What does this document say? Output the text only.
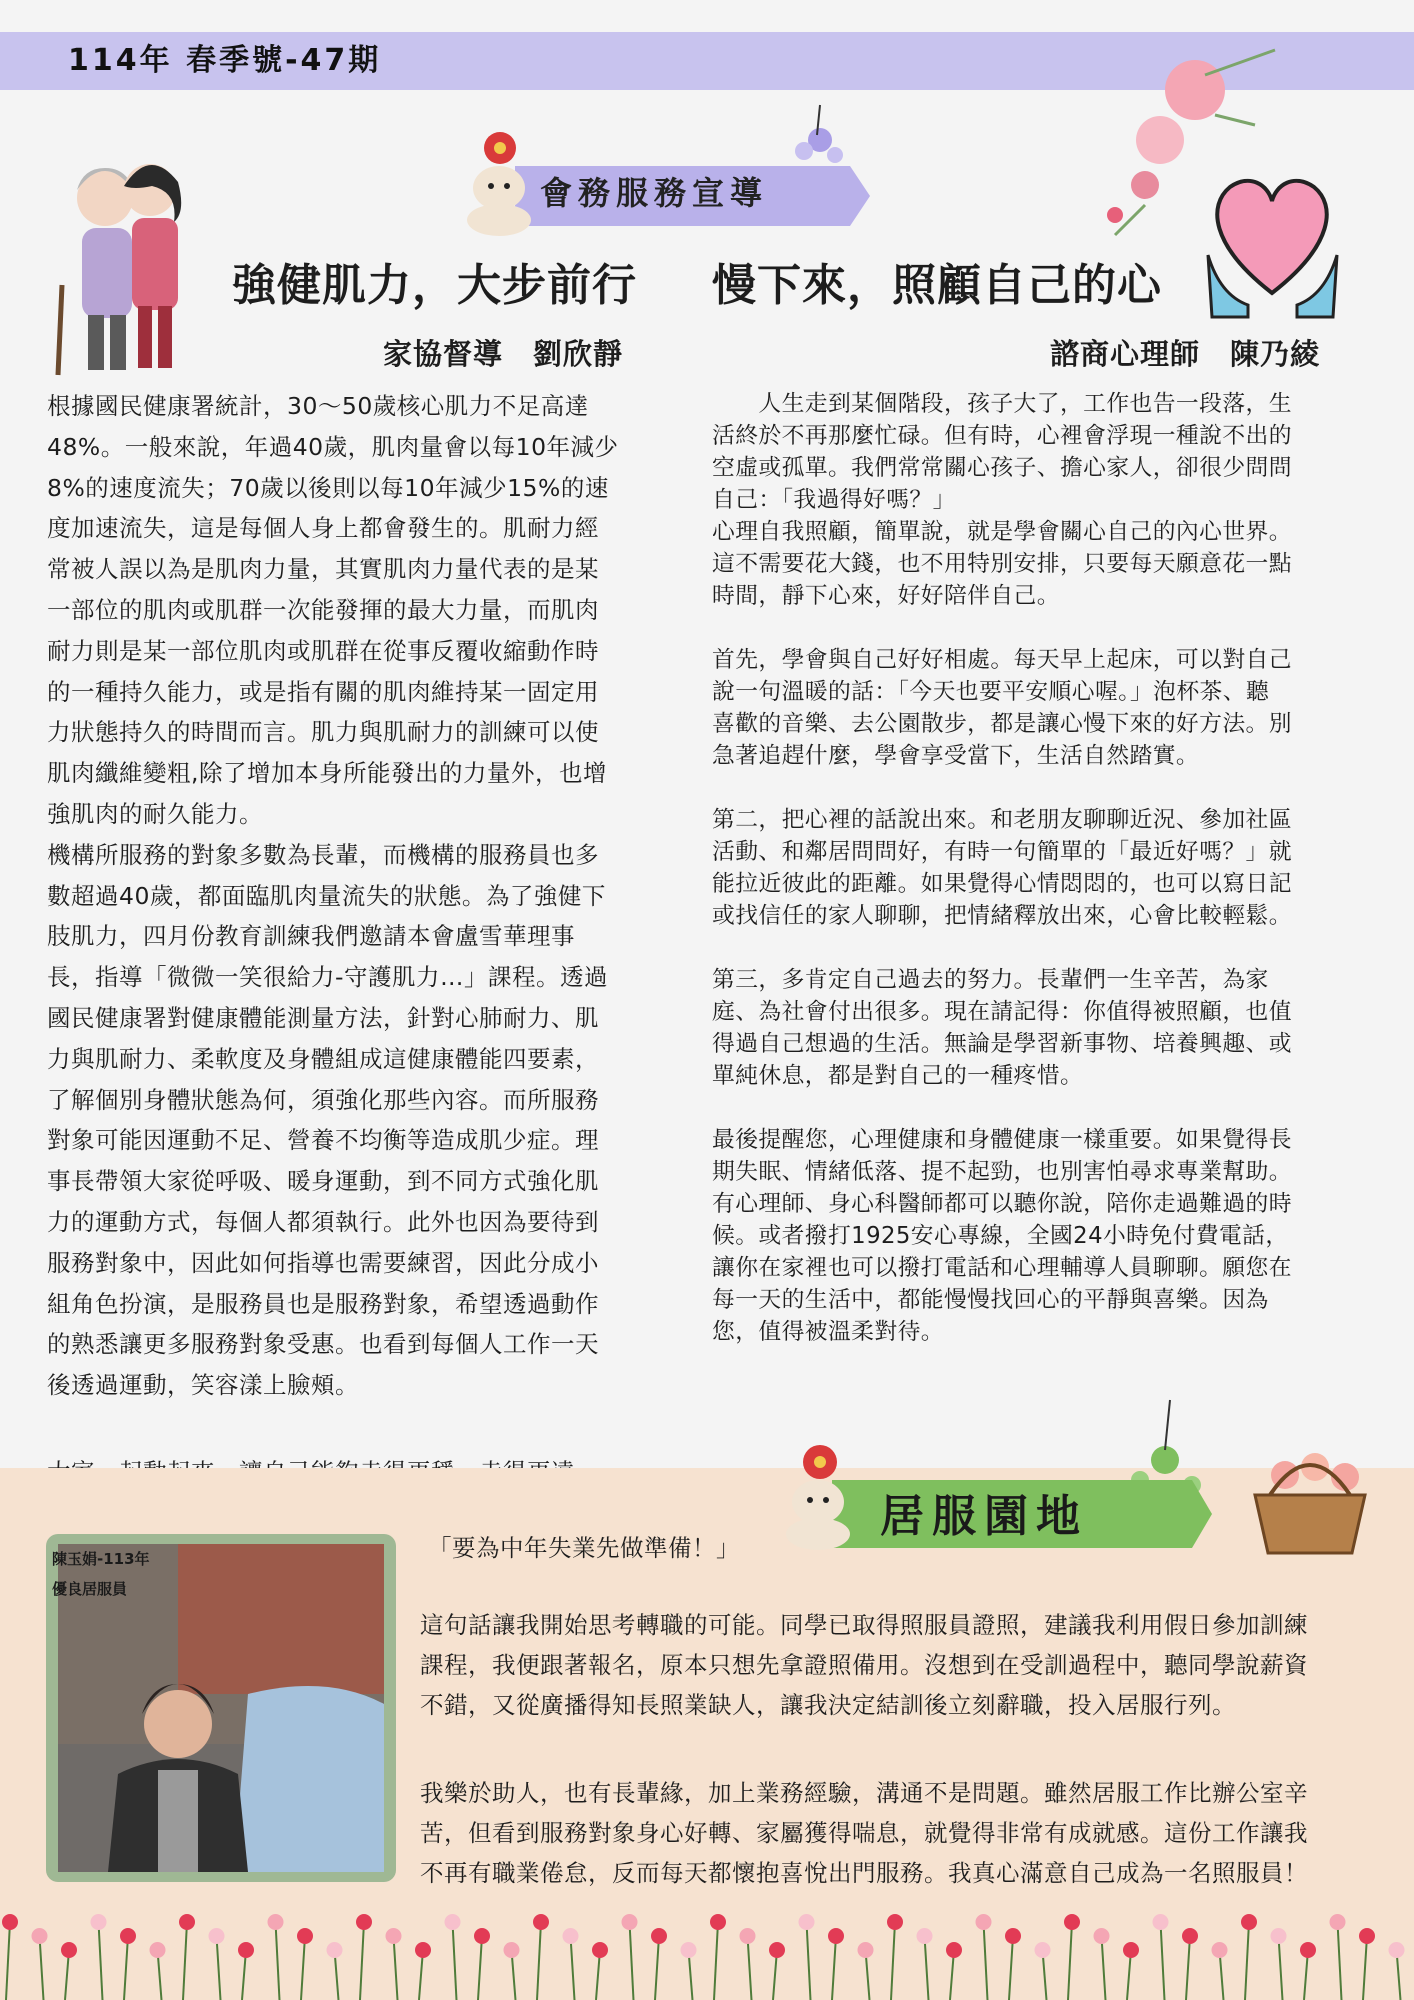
114年 春季號-47期
會務服務宣導
強健肌力，大步前行
家協督導　劉欣靜
根據國民健康署統計，30～50歲核心肌力不足高達
48%。一般來說，年過40歲，肌肉量會以每10年減少
8%的速度流失；70歲以後則以每10年減少15%的速
度加速流失，這是每個人身上都會發生的。肌耐力經
常被人誤以為是肌肉力量，其實肌肉力量代表的是某
一部位的肌肉或肌群一次能發揮的最大力量，而肌肉
耐力則是某一部位肌肉或肌群在從事反覆收縮動作時
的一種持久能力，或是指有關的肌肉維持某一固定用
力狀態持久的時間而言。肌力與肌耐力的訓練可以使
肌肉纖維變粗,除了增加本身所能發出的力量外，也增
強肌肉的耐久能力。
機構所服務的對象多數為長輩，而機構的服務員也多
數超過40歲，都面臨肌肉量流失的狀態。為了強健下
肢肌力，四月份教育訓練我們邀請本會盧雪華理事
長，指導「微微一笑很給力-守護肌力…」課程。透過
國民健康署對健康體能測量方法，針對心肺耐力、肌
力與肌耐力、柔軟度及身體組成這健康體能四要素，
了解個別身體狀態為何，須強化那些內容。而所服務
對象可能因運動不足、營養不均衡等造成肌少症。理
事長帶領大家從呼吸、暖身運動，到不同方式強化肌
力的運動方式，每個人都須執行。此外也因為要待到
服務對象中，因此如何指導也需要練習，因此分成小
組角色扮演，是服務員也是服務對象，希望透過動作
的熟悉讓更多服務對象受惠。也看到每個人工作一天
後透過運動，笑容漾上臉頰。
慢下來，照顧自己的心
諮商心理師　陳乃綾
　　人生走到某個階段，孩子大了，工作也告一段落，生
活終於不再那麼忙碌。但有時，心裡會浮現一種說不出的
空虛或孤單。我們常常關心孩子、擔心家人，卻很少問問
自己：「我過得好嗎？」
心理自我照顧，簡單說，就是學會關心自己的內心世界。
這不需要花大錢，也不用特別安排，只要每天願意花一點
時間，靜下心來，好好陪伴自己。
首先，學會與自己好好相處。每天早上起床，可以對自己
說一句溫暖的話：「今天也要平安順心喔。」泡杯茶、聽
喜歡的音樂、去公園散步，都是讓心慢下來的好方法。別
急著追趕什麼，學會享受當下，生活自然踏實。
第二，把心裡的話說出來。和老朋友聊聊近況、參加社區
活動、和鄰居問問好，有時一句簡單的「最近好嗎？」就
能拉近彼此的距離。如果覺得心情悶悶的，也可以寫日記
或找信任的家人聊聊，把情緒釋放出來，心會比較輕鬆。
第三，多肯定自己過去的努力。長輩們一生辛苦，為家
庭、為社會付出很多。現在請記得：你值得被照顧，也值
得過自己想過的生活。無論是學習新事物、培養興趣、或
單純休息，都是對自己的一種疼惜。
最後提醒您，心理健康和身體健康一樣重要。如果覺得長
期失眠、情緒低落、提不起勁，也別害怕尋求專業幫助。
有心理師、身心科醫師都可以聽你說，陪你走過難過的時
候。或者撥打1925安心專線，全國24小時免付費電話，
讓你在家裡也可以撥打電話和心理輔導人員聊聊。願您在
每一天的生活中，都能慢慢找回心的平靜與喜樂。因為
您，值得被溫柔對待。
居服園地
陳玉娟-113年
優良居服員
「要為中年失業先做準備！」
這句話讓我開始思考轉職的可能。同學已取得照服員證照，建議我利用假日參加訓練
課程，我便跟著報名，原本只想先拿證照備用。沒想到在受訓過程中，聽同學說薪資
不錯，又從廣播得知長照業缺人，讓我決定結訓後立刻辭職，投入居服行列。
我樂於助人，也有長輩緣，加上業務經驗，溝通不是問題。雖然居服工作比辦公室辛
苦，但看到服務對象身心好轉、家屬獲得喘息，就覺得非常有成就感。這份工作讓我
不再有職業倦怠，反而每天都懷抱喜悅出門服務。我真心滿意自己成為一名照服員！
